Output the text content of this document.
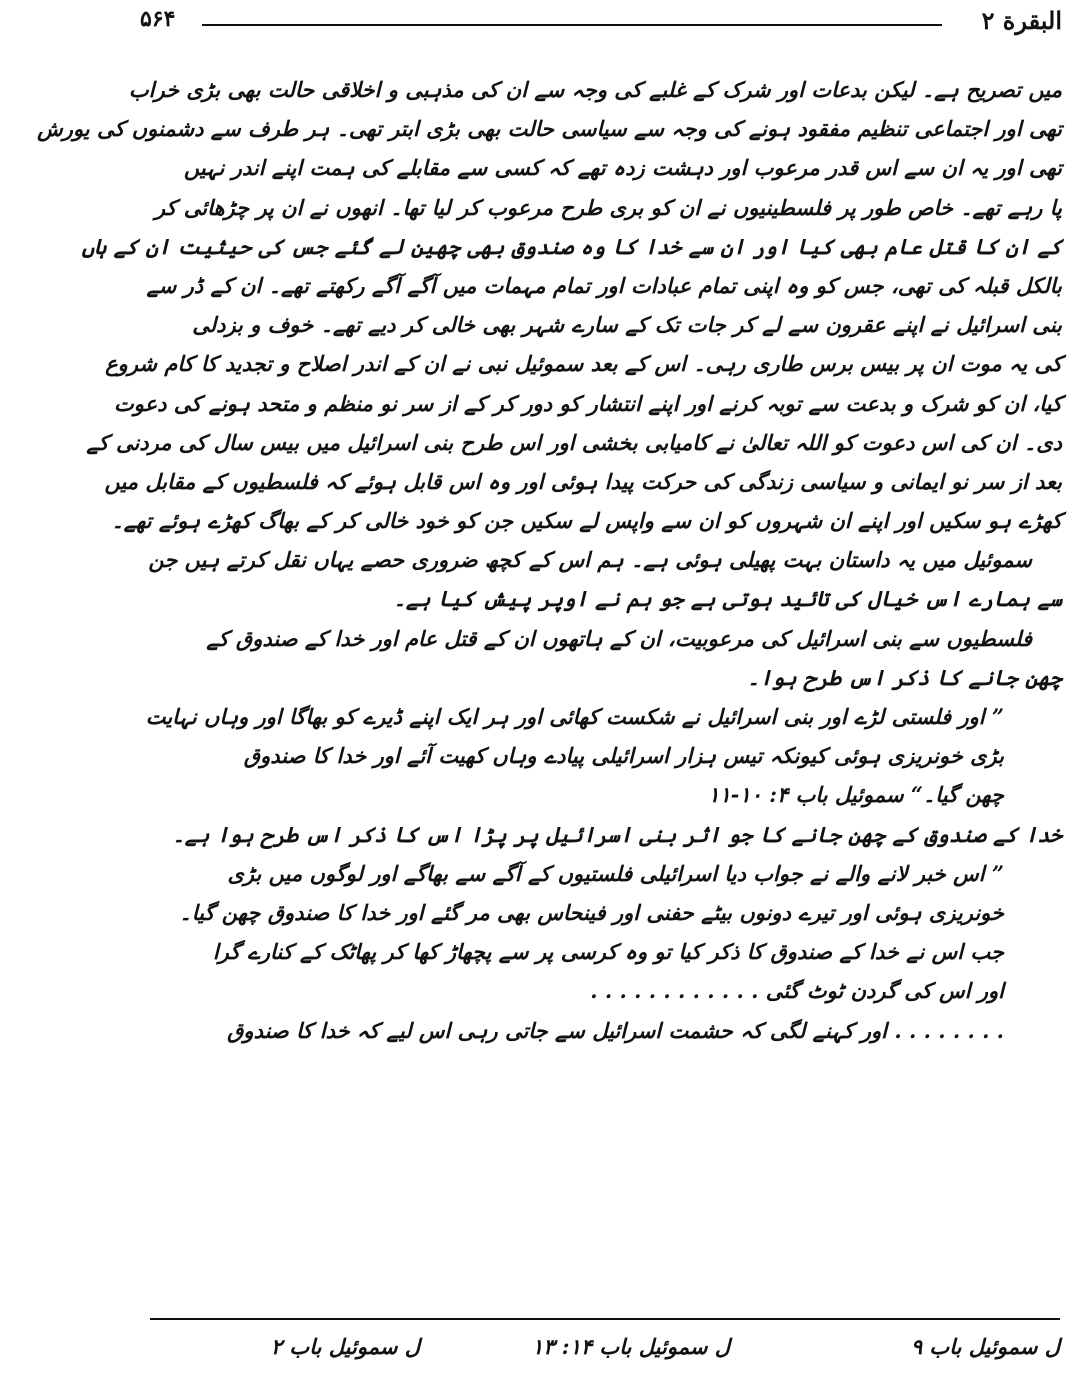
۵۶۴	البقرة ۲
میں تصریح ہے۔ لیکن بدعات اور شرک کے غلبے کی وجہ سے ان کی مذہبی و اخلاقی حالت بھی بڑی خراب
تھی اور اجتماعی تنظیم مفقود ہونے کی وجہ سے سیاسی حالت بھی بڑی ابتر تھی۔ ہر طرف سے دشمنوں کی یورش
تھی اور یہ ان سے اس قدر مرعوب اور دہشت زدہ تھے کہ کسی سے مقابلے کی ہمت اپنے اندر نہیں
پا رہے تھے۔ خاص طور پر فلسطینیوں نے ان کو بری طرح مرعوب کر لیا تھا۔ انھوں نے ان پر چڑھائی کر
کے ان کا قتل عام بھی کیا اور ان سے خدا کا وہ صندوق بھی چھین لے گئے جس کی حیثیت ان کے ہاں
بالکل قبلہ کی تھی، جس کو وہ اپنی تمام عبادات اور تمام مہمات میں آگے آگے رکھتے تھے۔ ان کے ڈر سے
بنی اسرائیل نے اپنے عقرون سے لے کر جات تک کے سارے شہر بھی خالی کر دیے تھے۔ خوف و بزدلی
کی یہ موت ان پر بیس برس طاری رہی۔ اس کے بعد سموئیل نبی نے ان کے اندر اصلاح و تجدید کا کام شروع
کیا، ان کو شرک و بدعت سے توبہ کرنے اور اپنے انتشار کو دور کر کے از سر نو منظم و متحد ہونے کی دعوت
دی۔ ان کی اس دعوت کو اللہ تعالیٰ نے کامیابی بخشی اور اس طرح بنی اسرائیل میں بیس سال کی مردنی کے
بعد از سر نو ایمانی و سیاسی زندگی کی حرکت پیدا ہوئی اور وہ اس قابل ہوئے کہ فلسطیوں کے مقابل میں
کھڑے ہو سکیں اور اپنے ان شہروں کو ان سے واپس لے سکیں جن کو خود خالی کر کے بھاگ کھڑے ہوئے تھے۔
سموئیل میں یہ داستان بہت پھیلی ہوئی ہے۔ ہم اس کے کچھ ضروری حصے یہاں نقل کرتے ہیں جن
سے ہمارے اس خیال کی تائید ہوتی ہے جو ہم نے اوپر پیش کیا ہے۔
فلسطیوں سے بنی اسرائیل کی مرعوبیت، ان کے ہاتھوں ان کے قتل عام اور خدا کے صندوق کے
چھن جانے کا ذکر اس طرح ہوا۔
” اور فلستی لڑے اور بنی اسرائیل نے شکست کھائی اور ہر ایک اپنے ڈیرے کو بھاگا اور وہاں نہایت
بڑی خونریزی ہوئی کیونکہ تیس ہزار اسرائیلی پیادے وہاں کھیت آئے اور خدا کا صندوق
چھن گیا۔“ سموئیل باب ۴: ۱۰-۱۱
خدا کے صندوق کے چھن جانے کا جو اثر بنی اسرائیل پر پڑا اس کا ذکر اس طرح ہوا ہے۔
” اس خبر لانے والے نے جواب دیا اسرائیلی فلستیوں کے آگے سے بھاگے اور لوگوں میں بڑی
خونریزی ہوئی اور تیرے دونوں بیٹے حفنی اور فینحاس بھی مر گئے اور خدا کا صندوق چھن گیا۔
جب اس نے خدا کے صندوق کا ذکر کیا تو وہ کرسی پر سے پچھاڑ کھا کر پھاٹک کے کنارے گرا
اور اس کی گردن ٹوٹ گئی . . . . . . . . . . . .
. . . . . . . . اور کہنے لگی کہ حشمت اسرائیل سے جاتی رہی اس لیے کہ خدا کا صندوق
ل سموئیل باب ۹
ل سموئیل باب ۱۴: ۱۳
ل سموئیل باب ۲
